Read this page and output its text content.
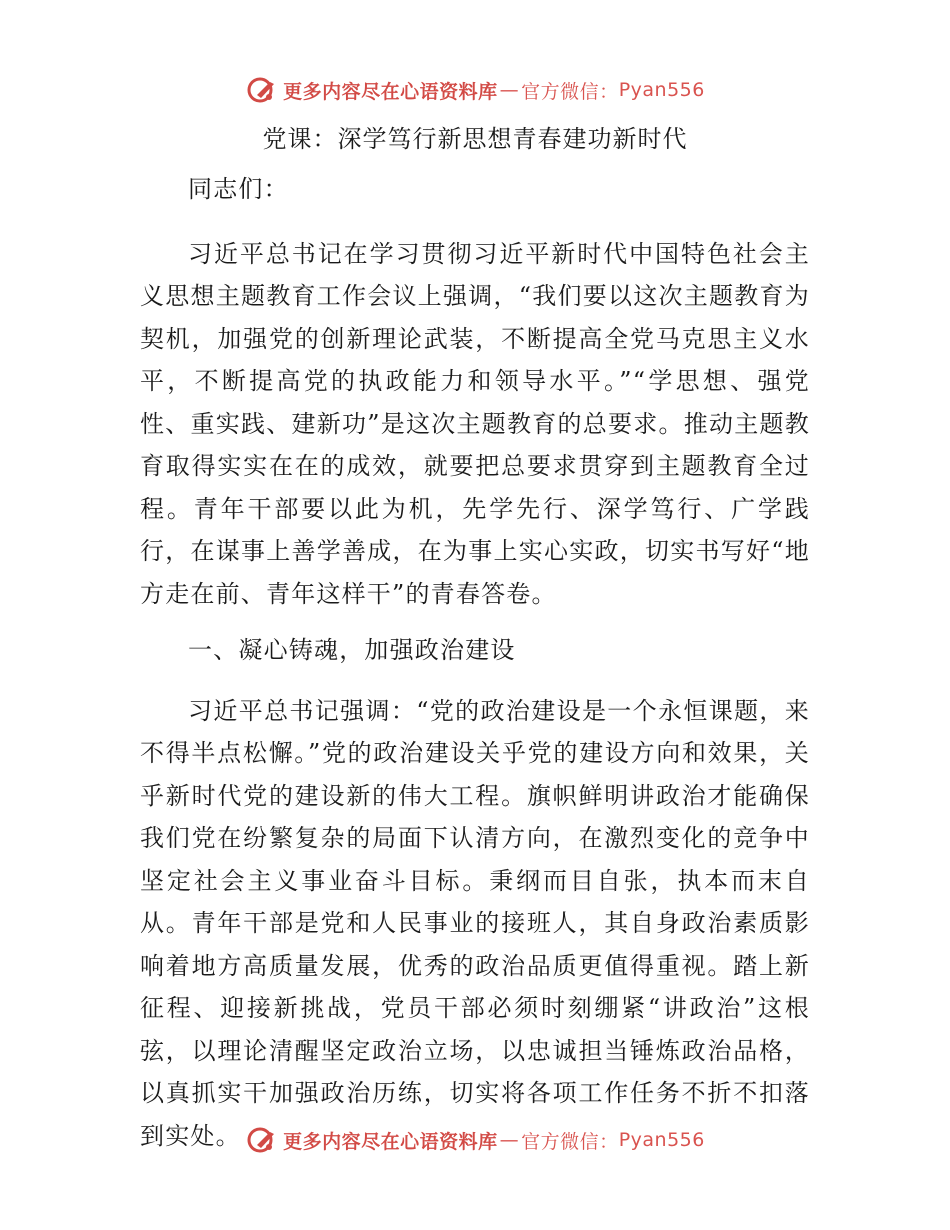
更多内容尽在心语资料库 — 官方微信： Pyan556
党课：深学笃行新思想青春建功新时代

同志们：

习近平总书记在学习贯彻习近平新时代中国特色社会主义思想主题教育工作会议上强调，“我们要以这次主题教育为契机，加强党的创新理论武装，不断提高全党马克思主义水平，不断提高党的执政能力和领导水平。”“学思想、强党性、重实践、建新功”是这次主题教育的总要求。推动主题教育取得实实在在的成效，就要把总要求贯穿到主题教育全过程。青年干部要以此为机，先学先行、深学笃行、广学践行，在谋事上善学善成，在为事上实心实政，切实书写好“地方走在前、青年这样干”的青春答卷。

一、凝心铸魂，加强政治建设

习近平总书记强调：“党的政治建设是一个永恒课题，来不得半点松懈。”党的政治建设关乎党的建设方向和效果，关乎新时代党的建设新的伟大工程。旗帜鲜明讲政治才能确保我们党在纷繁复杂的局面下认清方向，在激烈变化的竞争中坚定社会主义事业奋斗目标。秉纲而目自张，执本而末自从。青年干部是党和人民事业的接班人，其自身政治素质影响着地方高质量发展，优秀的政治品质更值得重视。踏上新征程、迎接新挑战，党员干部必须时刻绷紧“讲政治”这根弦，以理论清醒坚定政治立场，以忠诚担当锤炼政治品格，以真抓实干加强政治历练，切实将各项工作任务不折不扣落到实处。	更多内容尽在心语资料库 — 官方微信： Pyan556
